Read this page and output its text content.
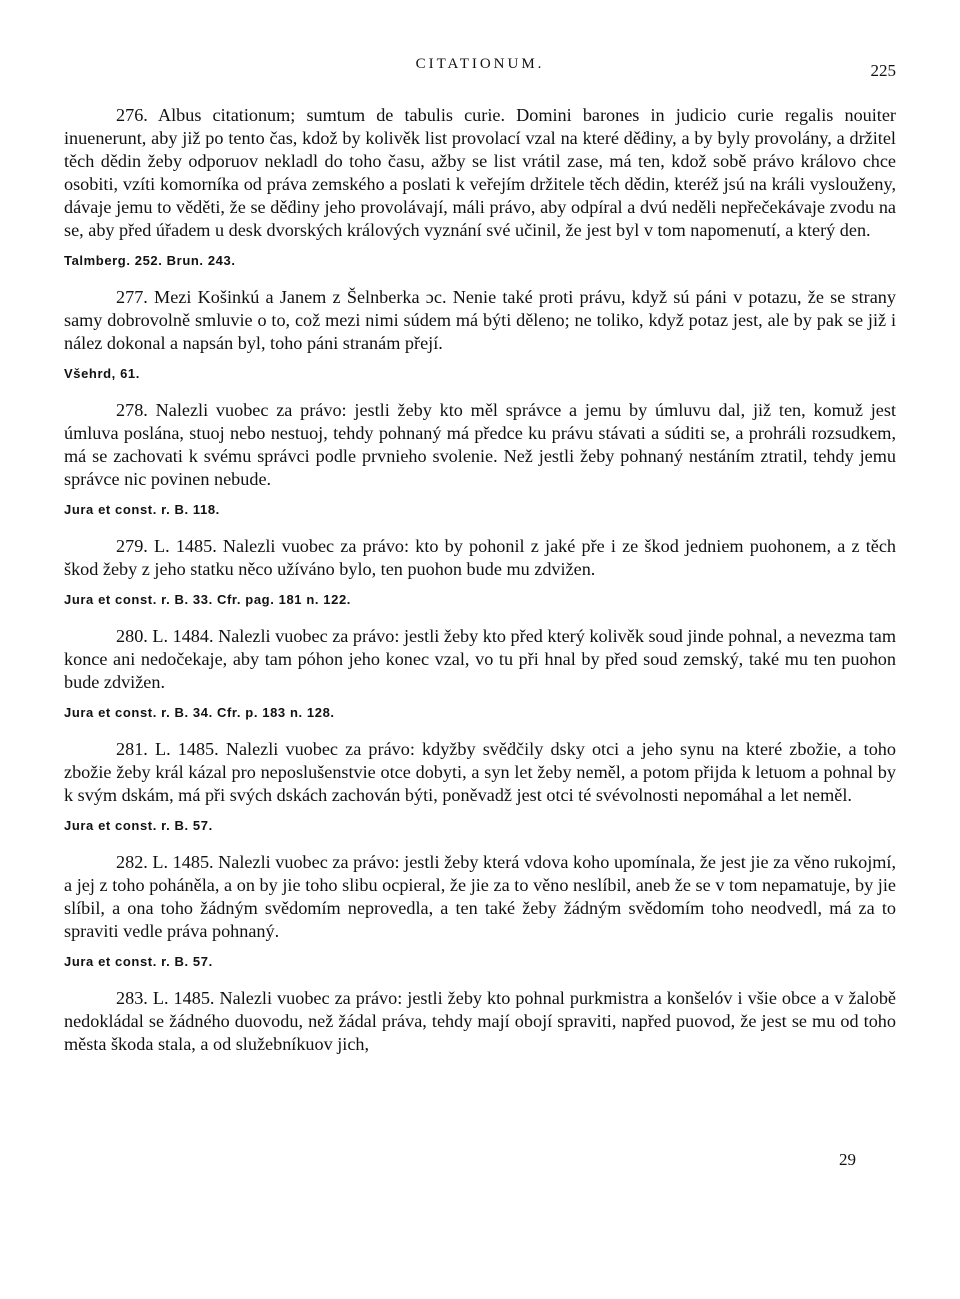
CITATIONUM.	225

276. Albus citationum; sumtum de tabulis curie. Domini barones in judicio curie regalis nouiter inuenerunt, aby již po tento čas, kdož by kolivěk list provolací vzal na které děḋiny, a by byly provolány, a držitel těch dědin žeby odporuov nekladl do toho času, ažby se list vrátil zase, má ten, kdož sobě právo královo chce osobiti, vzíti komorníka od práva zemského a poslati k veřejím držitele těch dědin, kteréž jsú na králi vyslouženy, dávaje jemu to věděti, že se děḋiny jeho provolávají, máli právo, aby odpíral a dvú neděli nepřečekávaje zvodu na se, aby před úřadem u desk dvorských králových vyznání své učinil, že jest byl v tom napomenutí, a který den.

Talmberg. 252. Brun. 243.

277. Mezi Košinkú a Janem z Šelnberka ɔc. Nenie také proti právu, když sú páni v potazu, že se strany samy dobrovolně smluvie o to, což mezi nimi súdem má býti děleno; ne toliko, když potaz jest, ale by pak se již i nález dokonal a napsán byl, toho páni stranám přejí.

Všehrd, 61.

278. Nalezli vuobec za právo: jestli žeby kto měl správce a jemu by úmluvu dal, již ten, komuž jest úmluva poslána, stuoj nebo nestuoj, tehdy pohnaný má předce ku právu stávati a súditi se, a prohráli rozsudkem, má se zachovati k svému správci podle prvnieho svolenie. Než jestli žeby pohnaný nestáním ztratil, tehdy jemu správce nic povinen nebude.

Jura et const. r. B. 118.

279. L. 1485. Nalezli vuobec za právo: kto by pohonil z jaké pře i ze škod jedniem puohonem, a z těch škod žeby z jeho statku něco užíváno bylo, ten puohon bude mu zdvižen.

Jura et const. r. B. 33. Cfr. pag. 181 n. 122.

280. L. 1484. Nalezli vuobec za právo: jestli žeby kto před který kolivěk soud jinde pohnal, a nevezma tam konce ani nedočekaje, aby tam póhon jeho konec vzal, vo tu při hnal by před soud zemský, také mu ten puohon bude zdvižen.

Jura et const. r. B. 34. Cfr. p. 183 n. 128.

281. L. 1485. Nalezli vuobec za právo: kdyžby svěḋčily dsky otci a jeho synu na které zbožie, a toho zbožie žeby král kázal pro neposlušenstvie otce dobyti, a syn let žeby neměl, a potom přijda k letuom a pohnal by k svým dskám, má při svých dskách zachován býti, poněvadž jest otci té svévolnosti nepomáhal a let neměl.

Jura et const. r. B. 57.

282. L. 1485. Nalezli vuobec za právo: jestli žeby která vdova koho upomínala, že jest jie za věno rukojmí, a jej z toho poháněla, a on by jie toho slibu ocpieral, že jie za to věno neslíbil, aneb že se v tom nepamatuje, by jie slíbil, a ona toho žádným svědomím neprovedla, a ten také žeby žádným svědomím toho neodvedl, má za to spraviti vedle práva pohnaný.

Jura et const. r. B. 57.

283. L. 1485. Nalezli vuobec za právo: jestli žeby kto pohnal purkmistra a konšelóv i všie obce a v žalobě nedokládal se žádného duovodu, než žádal práva, tehdy mají obojí spraviti, napřed puovod, že jest se mu od toho města škoda stala, a od služebníkuov jich,

29
